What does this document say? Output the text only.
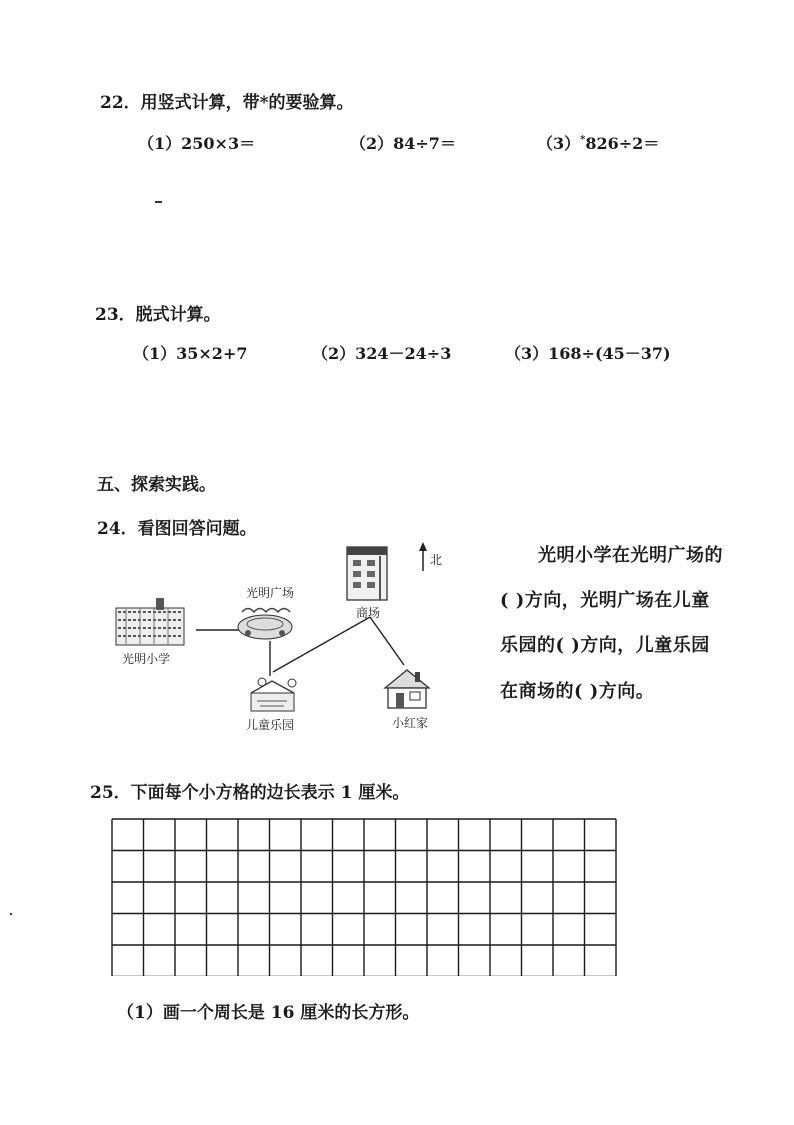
22．用竖式计算，带*的要验算。
（1）250×3＝	（2）84÷7＝	（3）*826÷2＝
23．脱式计算。
（1）35×2+7	（2）324－24÷3	（3）168÷(45－37)
五、探索实践。
24．看图回答问题。
北
光明小学
光明广场
商场
儿童乐园	小红家
光明小学在光明广场的
( )方向，光明广场在儿童
乐园的( )方向，儿童乐园
在商场的( )方向。
25．下面每个小方格的边长表示 1 厘米。
（1）画一个周长是 16 厘米的长方形。
